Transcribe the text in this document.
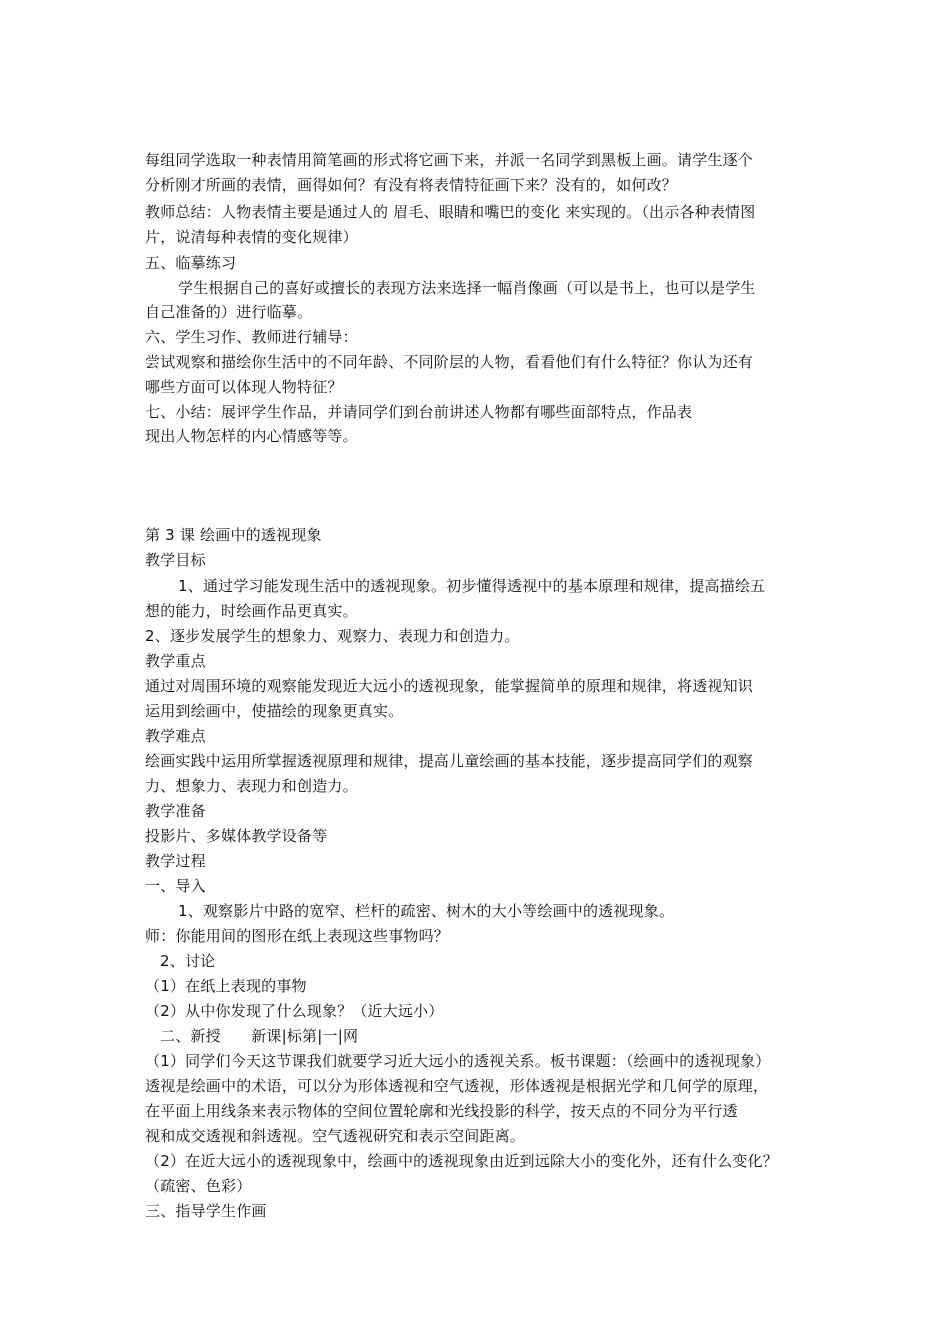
每组同学选取一种表情用简笔画的形式将它画下来，并派一名同学到黑板上画。请学生逐个
分析刚才所画的表情，画得如何？有没有将表情特征画下来？没有的，如何改？
教师总结：人物表情主要是通过人的 眉毛、眼睛和嘴巴的变化 来实现的。（出示各种表情图
片，说清每种表情的变化规律）
五、临摹练习
学生根据自己的喜好或擅长的表现方法来选择一幅肖像画（可以是书上，也可以是学生
自己准备的）进行临摹。
六、学生习作、教师进行辅导：
尝试观察和描绘你生活中的不同年龄、不同阶层的人物，看看他们有什么特征？你认为还有
哪些方面可以体现人物特征？
七、小结：展评学生作品，并请同学们到台前讲述人物都有哪些面部特点，作品表
现出人物怎样的内心情感等等。
第 3 课 绘画中的透视现象
教学目标
1、通过学习能发现生活中的透视现象。初步懂得透视中的基本原理和规律，提高描绘五
想的能力，时绘画作品更真实。
2、逐步发展学生的想象力、观察力、表现力和创造力。
教学重点
通过对周围环境的观察能发现近大远小的透视现象，能掌握简单的原理和规律，将透视知识
运用到绘画中，使描绘的现象更真实。
教学难点
绘画实践中运用所掌握透视原理和规律，提高儿童绘画的基本技能，逐步提高同学们的观察
力、想象力、表现力和创造力。
教学准备
投影片、多媒体教学设备等
教学过程
一、导入
1、观察影片中路的宽窄、栏杆的疏密、树木的大小等绘画中的透视现象。
师：你能用间的图形在纸上表现这些事物吗？
2、讨论
（1）在纸上表现的事物
（2）从中你发现了什么现象？（近大远小）
二、新授　　新课|标第|一|网
（1）同学们今天这节课我们就要学习近大远小的透视关系。板书课题：（绘画中的透视现象）
透视是绘画中的术语，可以分为形体透视和空气透视，形体透视是根据光学和几何学的原理，
在平面上用线条来表示物体的空间位置轮廓和光线投影的科学，按天点的不同分为平行透
视和成交透视和斜透视。空气透视研究和表示空间距离。
（2）在近大远小的透视现象中，绘画中的透视现象由近到远除大小的变化外，还有什么变化？
（疏密、色彩）
三、指导学生作画
